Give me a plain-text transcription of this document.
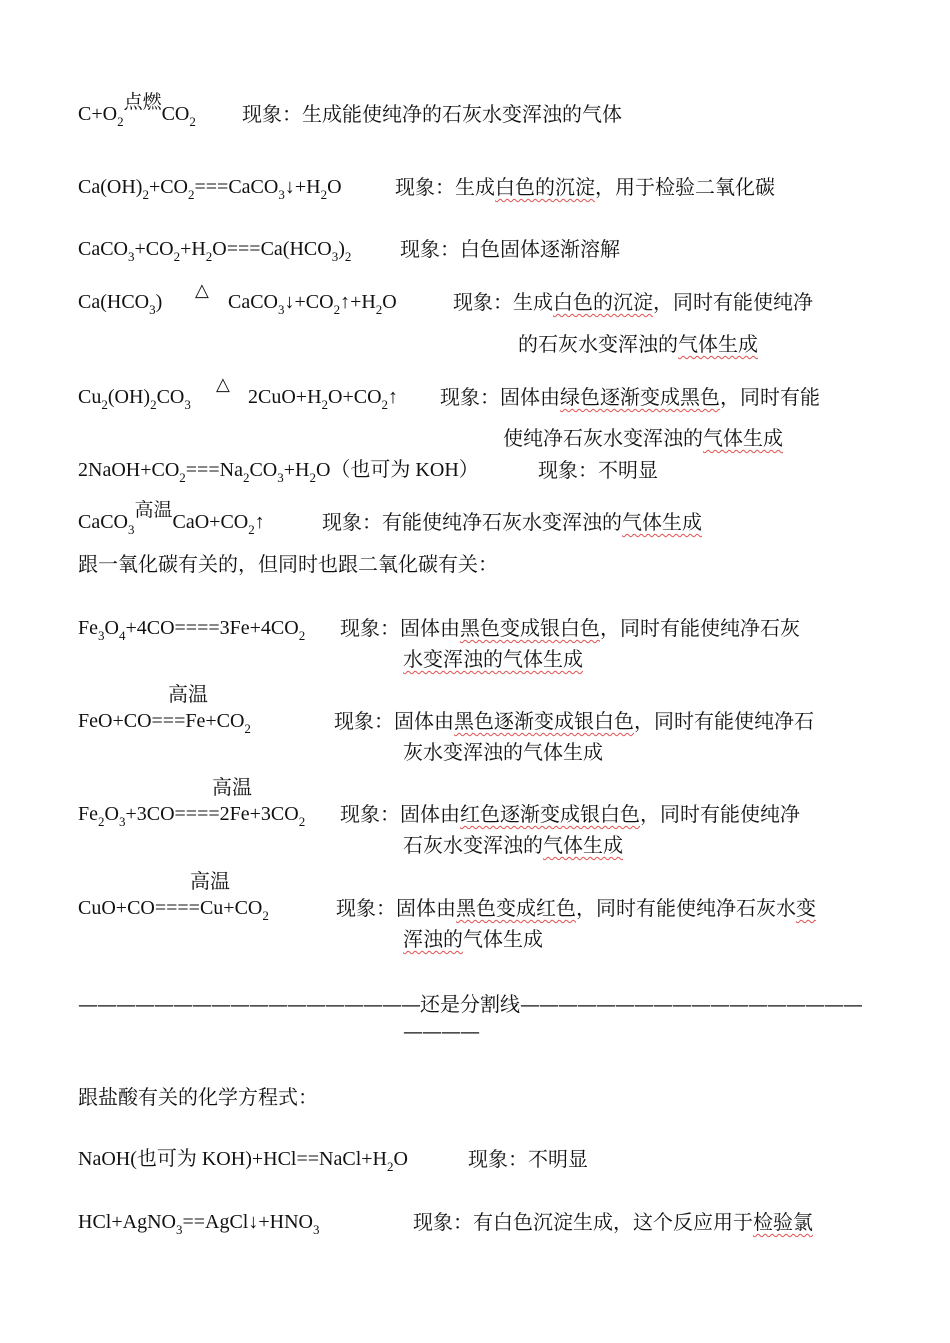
$C+O_2$点燃$CO_2$ 现象：生成能使纯净的石灰水变浑浊的气体
$Ca(OH)_2+CO_2===CaCO_3↓+H_2O$	现象：生成白色的沉淀，用于检验二氧化碳
$CaCO_3+CO_2+H_2O===Ca(HCO_3)_2$ 现象：白色固体逐渐溶解
$Ca(HCO_3)$
△
$CaCO_3↓+CO_2↑+H_2O$	现象：生成白色的沉淀，同时有能使纯净
的石灰水变浑浊的气体生成
$Cu_2(OH)_2CO_3$
△
$2CuO+H_2O+CO_2↑$ 现象：固体由绿色逐渐变成黑色，同时有能
使纯净石灰水变浑浊的气体生成
$2NaOH+CO_2===Na_2CO_3+H_2O$（也可为 KOH）	现象：不明显
CaCO$_3$高温$CaO+CO_2↑$	现象：有能使纯净石灰水变浑浊的气体生成
跟一氧化碳有关的，但同时也跟二氧化碳有关：
$Fe_3O_4+4CO====3Fe+4CO_2$ 现象：固体由黑色变成银白色，同时有能使纯净石灰
水变浑浊的气体生成
高温
$FeO+CO===Fe+CO_2$	现象：固体由黑色逐渐变成银白色，同时有能使纯净石
灰水变浑浊的气体生成
高温
$Fe_2O_3+3CO====2Fe+3CO_2$ 现象：固体由红色逐渐变成银白色，同时有能使纯净
石灰水变浑浊的气体生成
高温
$CuO+CO====Cu+CO_2$	现象：固体由黑色变成红色，同时有能使纯净石灰水变
浑浊的气体生成
——————————————————还是分割线——————————————————
————
跟盐酸有关的化学方程式：
NaOH(也可为 $KOH)+HCl==NaCl+H_2O$	现象：不明显
$HCl+AgNO_3==AgCl↓+HNO_3$	现象：有白色沉淀生成，这个反应用于检验氯
